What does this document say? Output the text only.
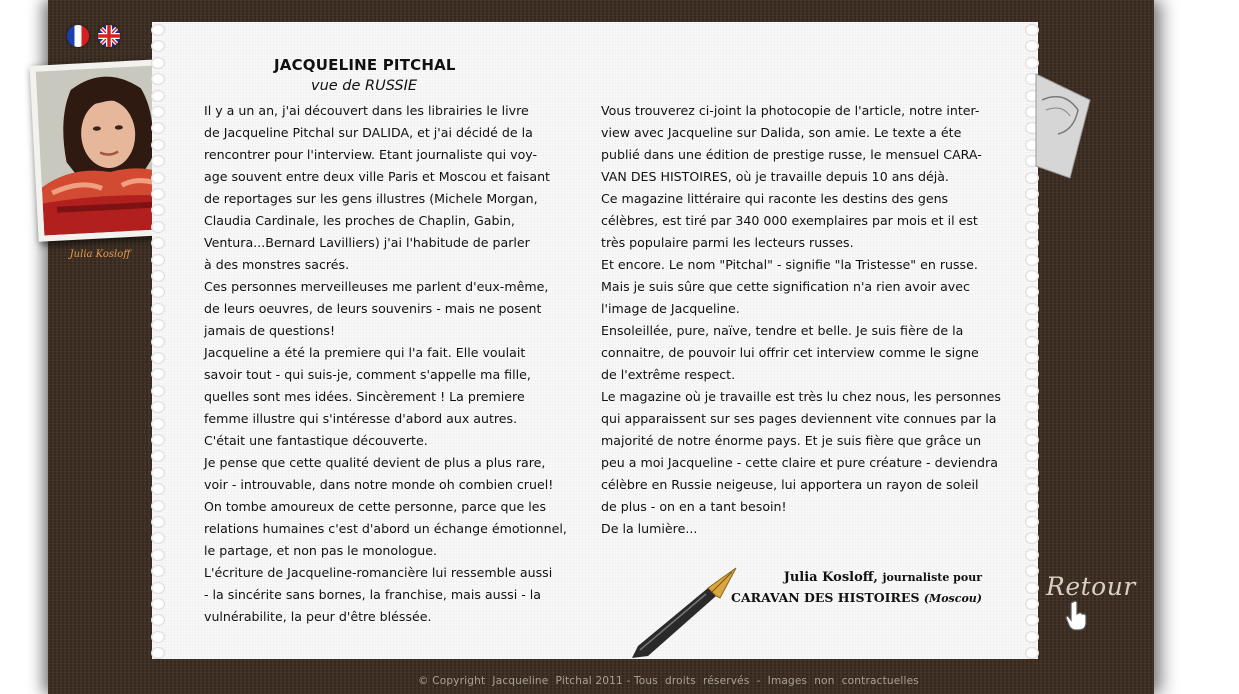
Julia Kosloff
JACQUELINE PITCHAL
vue de RUSSIE
Il y a un an, j'ai découvert dans les librairies le livre
de Jacqueline Pitchal sur DALIDA, et j'ai décidé de la
rencontrer pour l'interview. Etant journaliste qui voy-
age souvent entre deux ville Paris et Moscou et faisant
de reportages sur les gens illustres (Michele Morgan,
Claudia Cardinale, les proches de Chaplin, Gabin,
Ventura...Bernard Lavilliers) j'ai l'habitude de parler
à des monstres sacrés.
Ces personnes merveilleuses me parlent d'eux-même,
de leurs oeuvres, de leurs souvenirs - mais ne posent
jamais de questions!
Jacqueline a été la premiere qui l'a fait. Elle voulait
savoir tout - qui suis-je, comment s'appelle ma fille,
quelles sont mes idées. Sincèrement ! La premiere
femme illustre qui s'intéresse d'abord aux autres.
C'était une fantastique découverte.
Je pense que cette qualité devient de plus a plus rare,
voir - introuvable, dans notre monde oh combien cruel!
On tombe amoureux de cette personne, parce que les
relations humaines c'est d'abord un échange émotionnel,
le partage, et non pas le monologue.
L'écriture de Jacqueline-romancière lui ressemble aussi
- la sincérite sans bornes, la franchise, mais aussi - la
vulnérabilite, la peur d'être bléssée.
Vous trouverez ci-joint la photocopie de l'article, notre inter-
view avec Jacqueline sur Dalida, son amie. Le texte a éte
publié dans une édition de prestige russe, le mensuel CARA-
VAN DES HISTOIRES, où je travaille depuis 10 ans déjà.
Ce magazine littéraire qui raconte les destins des gens
célèbres, est tiré par 340 000 exemplaires par mois et il est
très populaire parmi les lecteurs russes.
Et encore. Le nom "Pitchal" - signifie "la Tristesse" en russe.
Mais je suis sûre que cette signification n'a rien avoir avec
l'image de Jacqueline.
Ensoleillée, pure, naïve, tendre et belle. Je suis fière de la
connaitre, de pouvoir lui offrir cet interview comme le signe
de l'extrême respect.
Le magazine où je travaille est très lu chez nous, les personnes
qui apparaissent sur ses pages deviennent vite connues par la
majorité de notre énorme pays. Et je suis fière que grâce un
peu a moi Jacqueline - cette claire et pure créature - deviendra
célèbre en Russie neigeuse, lui apportera un rayon de soleil
de plus - on en a tant besoin!
De la lumière...
Julia Kosloff, journaliste pour
CARAVAN DES HISTOIRES (Moscou)	Retour
© Copyright  Jacqueline  Pitchal 2011 - Tous  droits  réservés  -  Images  non  contractuelles
